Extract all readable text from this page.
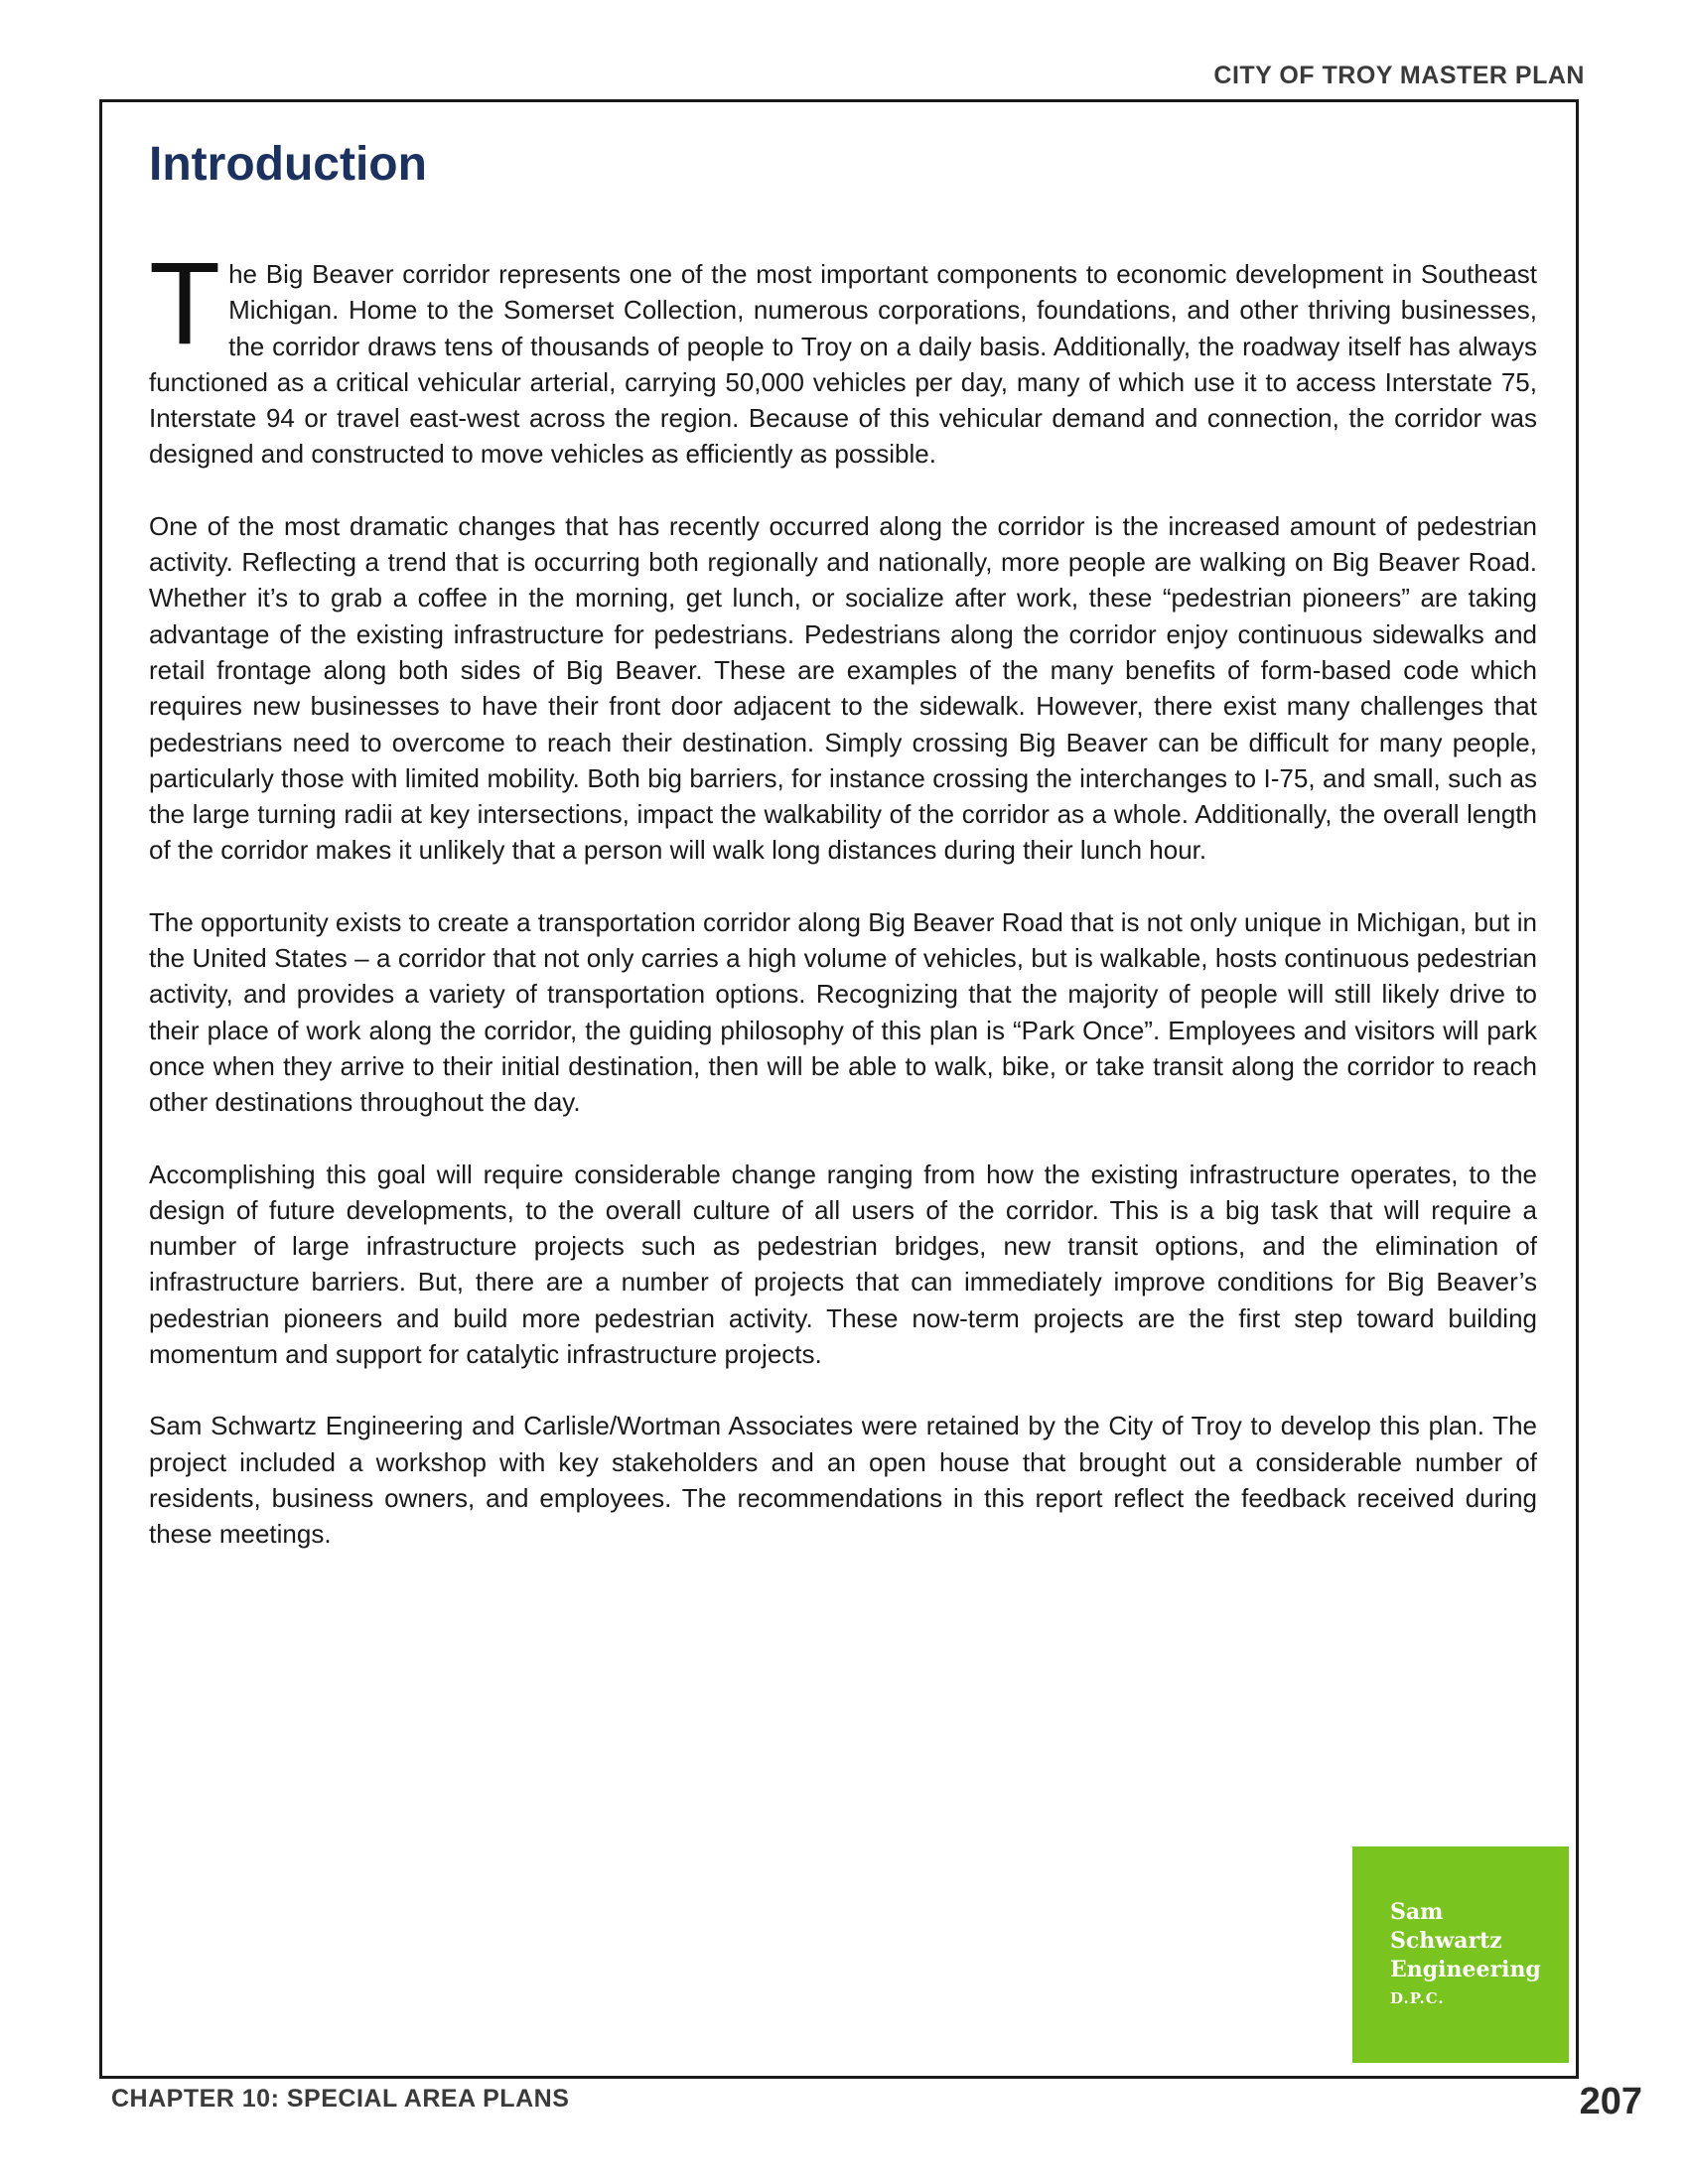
CITY OF TROY MASTER PLAN
Introduction

The Big Beaver corridor represents one of the most important components to economic development in Southeast Michigan. Home to the Somerset Collection, numerous corporations, foundations, and other thriving businesses, the corridor draws tens of thousands of people to Troy on a daily basis. Additionally, the roadway itself has always functioned as a critical vehicular arterial, carrying 50,000 vehicles per day, many of which use it to access Interstate 75, Interstate 94 or travel east-west across the region. Because of this vehicular demand and connection, the corridor was designed and constructed to move vehicles as efficiently as possible.

One of the most dramatic changes that has recently occurred along the corridor is the increased amount of pedestrian activity. Reflecting a trend that is occurring both regionally and nationally, more people are walking on Big Beaver Road. Whether it’s to grab a coffee in the morning, get lunch, or socialize after work, these “pedestrian pioneers” are taking advantage of the existing infrastructure for pedestrians. Pedestrians along the corridor enjoy continuous sidewalks and retail frontage along both sides of Big Beaver. These are examples of the many benefits of form-based code which requires new businesses to have their front door adjacent to the sidewalk. However, there exist many challenges that pedestrians need to overcome to reach their destination. Simply crossing Big Beaver can be difficult for many people, particularly those with limited mobility. Both big barriers, for instance crossing the interchanges to I-75, and small, such as the large turning radii at key intersections, impact the walkability of the corridor as a whole. Additionally, the overall length of the corridor makes it unlikely that a person will walk long distances during their lunch hour.

The opportunity exists to create a transportation corridor along Big Beaver Road that is not only unique in Michigan, but in the United States – a corridor that not only carries a high volume of vehicles, but is walkable, hosts continuous pedestrian activity, and provides a variety of transportation options. Recognizing that the majority of people will still likely drive to their place of work along the corridor, the guiding philosophy of this plan is “Park Once”. Employees and visitors will park once when they arrive to their initial destination, then will be able to walk, bike, or take transit along the corridor to reach other destinations throughout the day.

Accomplishing this goal will require considerable change ranging from how the existing infrastructure operates, to the design of future developments, to the overall culture of all users of the corridor. This is a big task that will require a number of large infrastructure projects such as pedestrian bridges, new transit options, and the elimination of infrastructure barriers. But, there are a number of projects that can immediately improve conditions for Big Beaver’s pedestrian pioneers and build more pedestrian activity. These now-term projects are the first step toward building momentum and support for catalytic infrastructure projects.

Sam Schwartz Engineering and Carlisle/Wortman Associates were retained by the City of Troy to develop this plan. The project included a workshop with key stakeholders and an open house that brought out a considerable number of residents, business owners, and employees. The recommendations in this report reflect the feedback received during these meetings.

Sam
Schwartz
Engineering
D.P.C.
CHAPTER 10: SPECIAL AREA PLANS	207
